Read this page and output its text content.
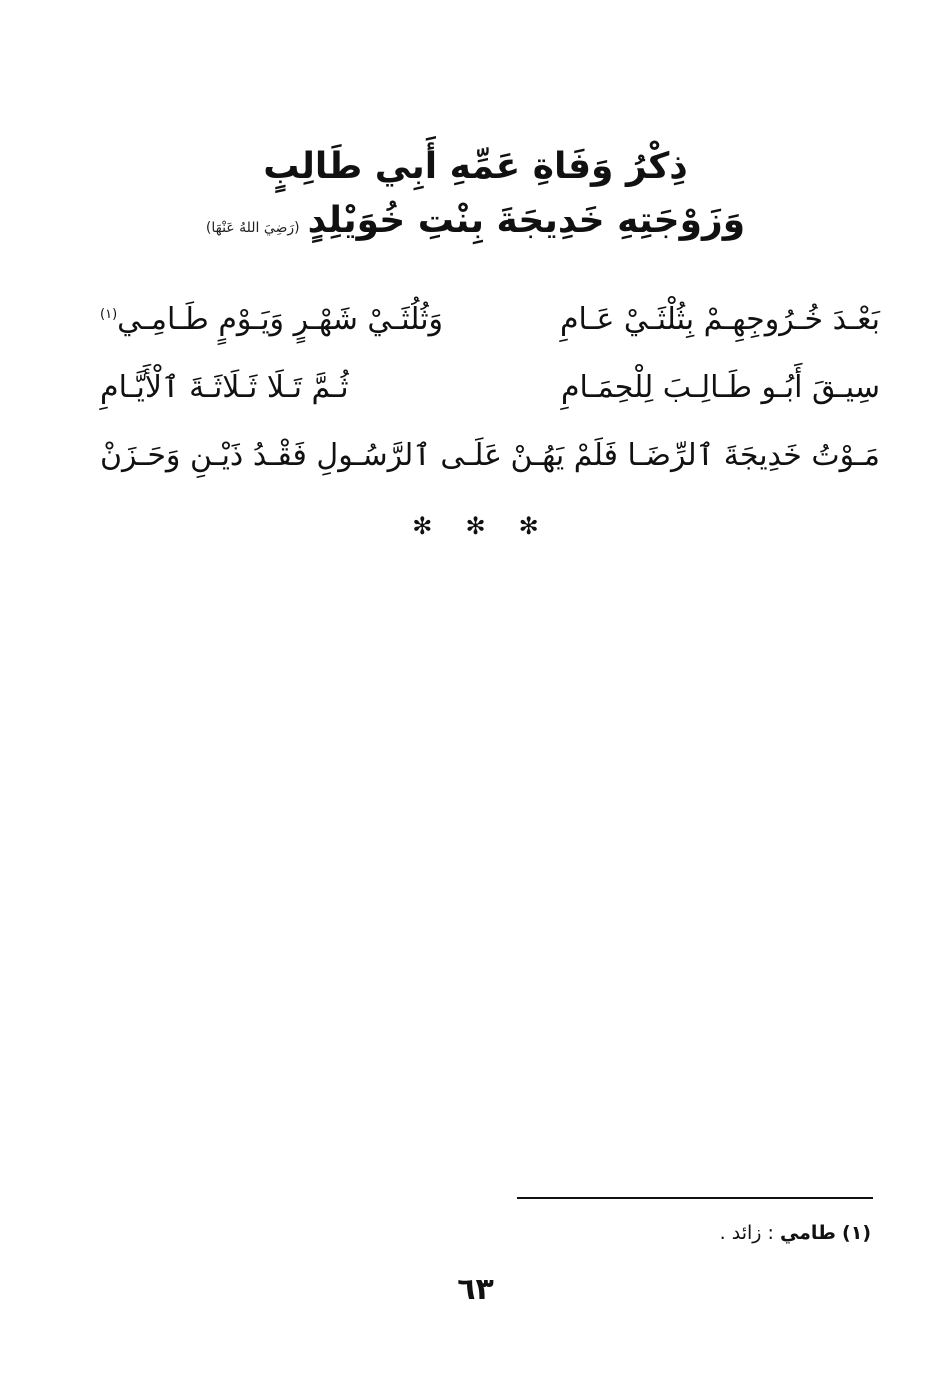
ذِكْرُ وَفَاةِ عَمِّهِ أَبِي طَالِبٍ
وَزَوْجَتِهِ خَدِيجَةَ بِنْتِ خُوَيْلِدٍ
(رَضِيَ اللهُ عَنْهَا)
بَعْـدَ خُـرُوجِهِـمْ بِثُلْثَـيْ عَـامِ
وَثُلُثَـيْ شَهْـرٍ وَيَـوْمٍ طَـامِـي$^{(١)}$
سِيـقَ أَبُـو طَـالِـبَ لِلْحِمَـامِ
ثُـمَّ تَـلَا ثَـلَاثَـةَ ٱلْأَيَّـامِ
مَـوْتُ خَدِيجَةَ ٱلرِّضَـا فَلَمْ يَهُـنْ
عَلَـى ٱلرَّسُـولِ فَقْـدُ ذَيْـنِ وَحَـزَنْ
✻ ✻ ✻
(١) طامي : زائد .
٦٣
